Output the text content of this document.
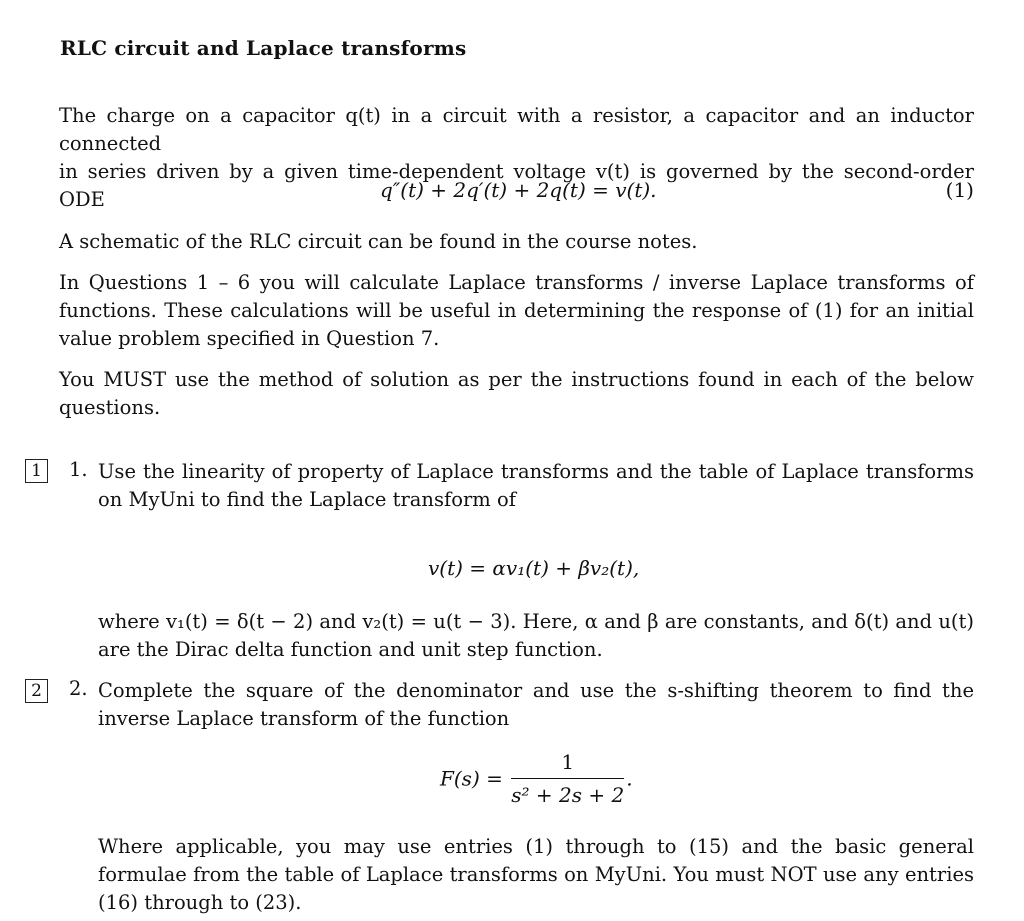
RLC circuit and Laplace transforms
The charge on a capacitor q(t) in a circuit with a resistor, a capacitor and an inductor connected
in series driven by a given time-dependent voltage v(t) is governed by the second-order ODE	q″(t) + 2q′(t) + 2q(t) = v(t).	(1)
A schematic of the RLC circuit can be found in the course notes.
In Questions 1 – 6 you will calculate Laplace transforms / inverse Laplace transforms of functions. These calculations will be useful in determining the response of (1) for an initial value problem specified in Question 7.
You MUST use the method of solution as per the instructions found in each of the below questions.
1	1. Use the linearity of property of Laplace transforms and the table of Laplace transforms on MyUni to find the Laplace transform of
v(t) = αv₁(t) + βv₂(t),
where v₁(t) = δ(t − 2) and v₂(t) = u(t − 3). Here, α and β are constants, and δ(t) and u(t) are the Dirac delta function and unit step function.
2	2. Complete the square of the denominator and use the s-shifting theorem to find the inverse Laplace transform of the function
$F(s) = \frac{1}{\text{s² + 2s + 2}}$ .
Where applicable, you may use entries (1) through to (15) and the basic general formulae from the table of Laplace transforms on MyUni. You must NOT use any entries (16) through to (23).
